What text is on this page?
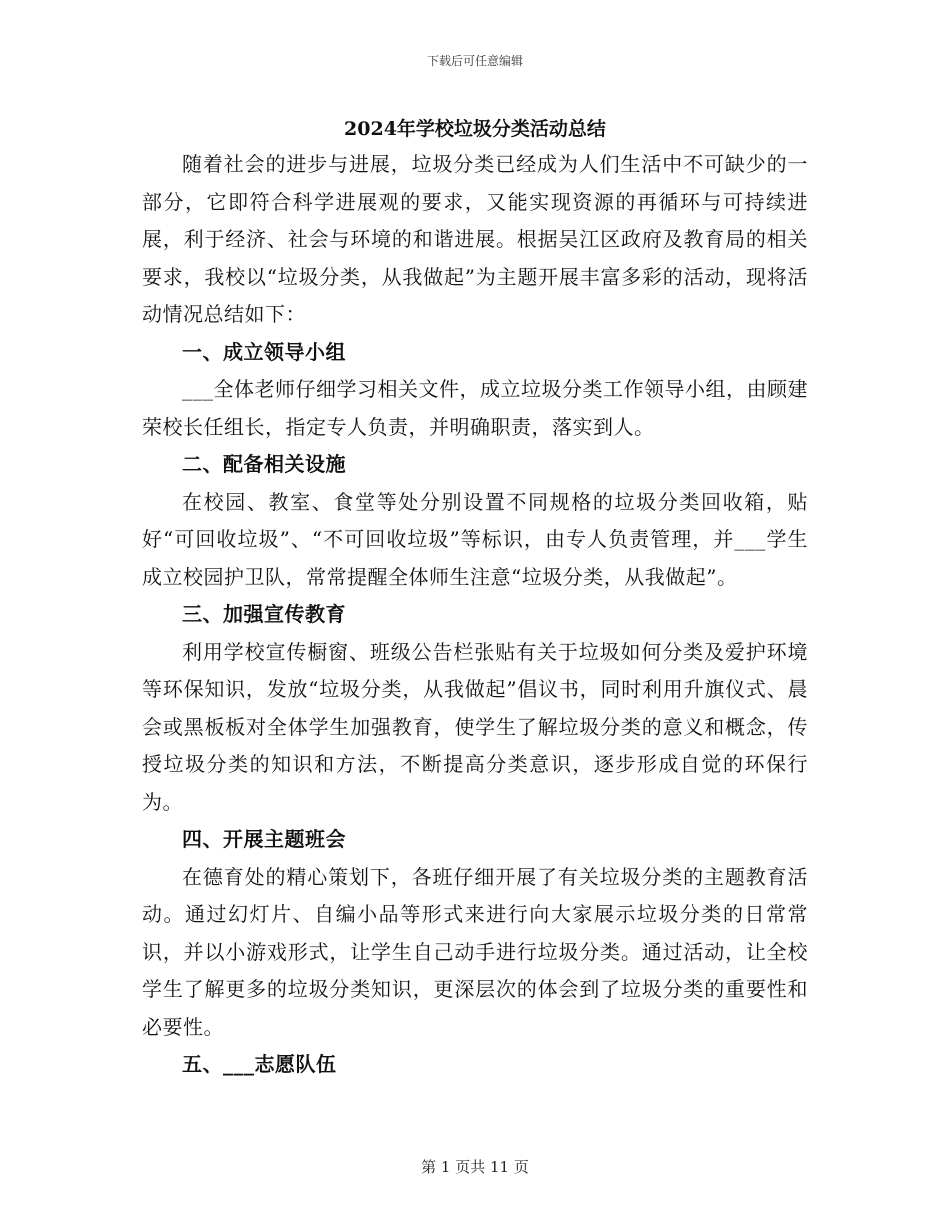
下载后可任意编辑
2024年学校垃圾分类活动总结

随着社会的进步与进展，垃圾分类已经成为人们生活中不可缺少的一部分，它即符合科学进展观的要求，又能实现资源的再循环与可持续进展，利于经济、社会与环境的和谐进展。根据吴江区政府及教育局的相关要求，我校以“垃圾分类，从我做起”为主题开展丰富多彩的活动，现将活动情况总结如下：

一、成立领导小组

___全体老师仔细学习相关文件，成立垃圾分类工作领导小组，由顾建荣校长任组长，指定专人负责，并明确职责，落实到人。

二、配备相关设施

在校园、教室、食堂等处分别设置不同规格的垃圾分类回收箱，贴好“可回收垃圾”、“不可回收垃圾”等标识，由专人负责管理，并___学生成立校园护卫队，常常提醒全体师生注意“垃圾分类，从我做起”。

三、加强宣传教育

利用学校宣传橱窗、班级公告栏张贴有关于垃圾如何分类及爱护环境等环保知识，发放“垃圾分类，从我做起”倡议书，同时利用升旗仪式、晨会或黑板板对全体学生加强教育，使学生了解垃圾分类的意义和概念，传授垃圾分类的知识和方法，不断提高分类意识，逐步形成自觉的环保行为。

四、开展主题班会

在德育处的精心策划下，各班仔细开展了有关垃圾分类的主题教育活动。通过幻灯片、自编小品等形式来进行向大家展示垃圾分类的日常常识，并以小游戏形式，让学生自己动手进行垃圾分类。通过活动，让全校学生了解更多的垃圾分类知识，更深层次的体会到了垃圾分类的重要性和必要性。

五、___志愿队伍

第 1 页共 11 页
